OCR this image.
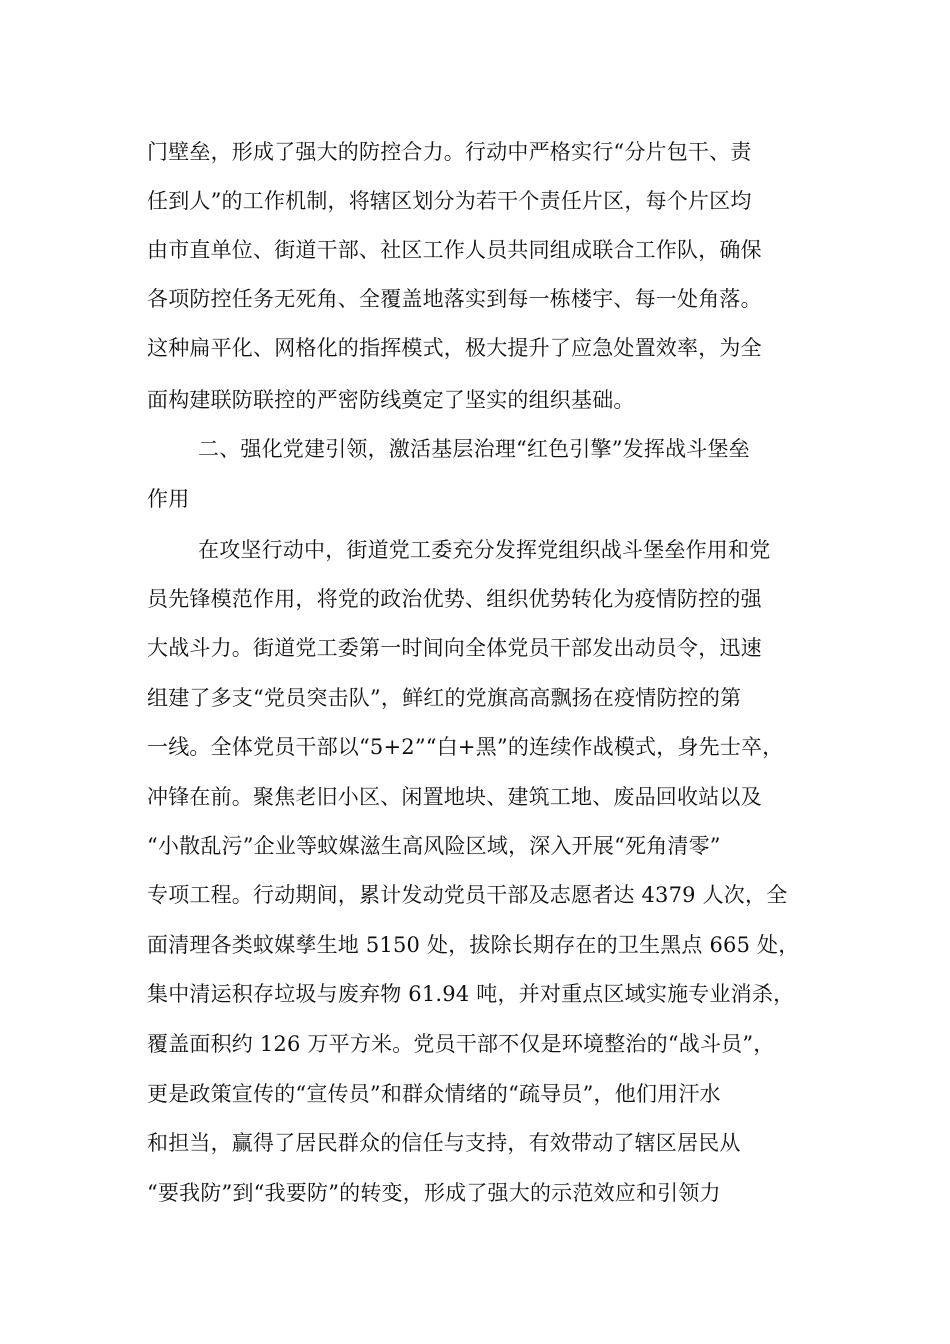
门壁垒，形成了强大的防控合力。行动中严格实行“分片包干、责
任到人”的工作机制，将辖区划分为若干个责任片区，每个片区均
由市直单位、街道干部、社区工作人员共同组成联合工作队，确保
各项防控任务无死角、全覆盖地落实到每一栋楼宇、每一处角落。
这种扁平化、网格化的指挥模式，极大提升了应急处置效率，为全
面构建联防联控的严密防线奠定了坚实的组织基础。
二、强化党建引领，激活基层治理“红色引擎”发挥战斗堡垒
作用
在攻坚行动中，街道党工委充分发挥党组织战斗堡垒作用和党
员先锋模范作用，将党的政治优势、组织优势转化为疫情防控的强
大战斗力。街道党工委第一时间向全体党员干部发出动员令，迅速
组建了多支“党员突击队”，鲜红的党旗高高飘扬在疫情防控的第
一线。全体党员干部以“5+2”“白+黑”的连续作战模式，身先士卒，
冲锋在前。聚焦老旧小区、闲置地块、建筑工地、废品回收站以及
“小散乱污”企业等蚊媒滋生高风险区域，深入开展“死角清零”
专项工程。行动期间，累计发动党员干部及志愿者达 4379 人次，全
面清理各类蚊媒孳生地 5150 处，拔除长期存在的卫生黑点 665 处，
集中清运积存垃圾与废弃物 61.94 吨，并对重点区域实施专业消杀，
覆盖面积约 126 万平方米。党员干部不仅是环境整治的“战斗员”，
更是政策宣传的“宣传员”和群众情绪的“疏导员”，他们用汗水
和担当，赢得了居民群众的信任与支持，有效带动了辖区居民从
“要我防”到“我要防”的转变，形成了强大的示范效应和引领力
